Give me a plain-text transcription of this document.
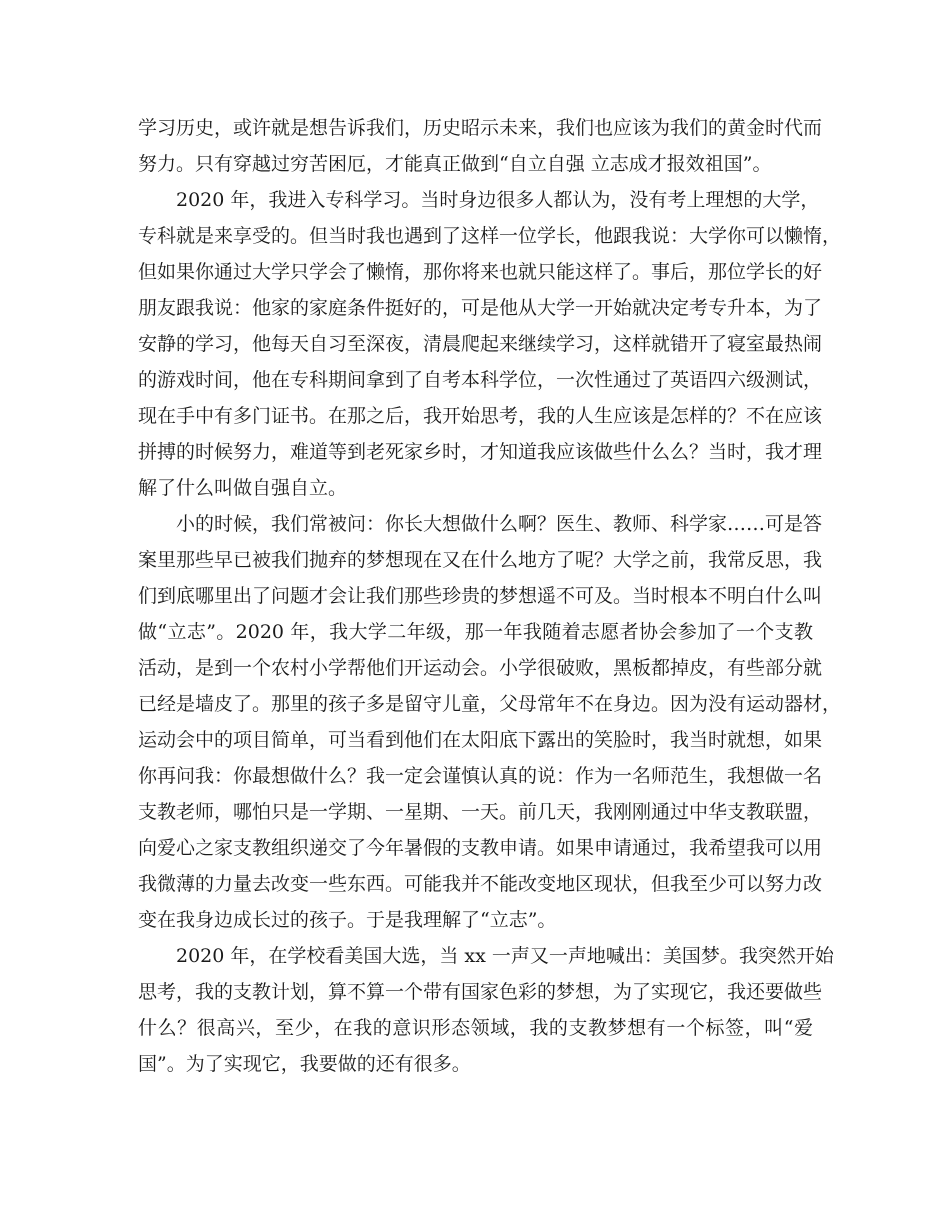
学习历史，或许就是想告诉我们，历史昭示未来，我们也应该为我们的黄金时代而
努力。只有穿越过穷苦困厄，才能真正做到“自立自强 立志成才报效祖国”。
2020 年，我进入专科学习。当时身边很多人都认为，没有考上理想的大学，
专科就是来享受的。但当时我也遇到了这样一位学长，他跟我说：大学你可以懒惰，
但如果你通过大学只学会了懒惰，那你将来也就只能这样了。事后，那位学长的好
朋友跟我说：他家的家庭条件挺好的，可是他从大学一开始就决定考专升本，为了
安静的学习，他每天自习至深夜，清晨爬起来继续学习，这样就错开了寝室最热闹
的游戏时间，他在专科期间拿到了自考本科学位，一次性通过了英语四六级测试，
现在手中有多门证书。在那之后，我开始思考，我的人生应该是怎样的？不在应该
拼搏的时候努力，难道等到老死家乡时，才知道我应该做些什么么？当时，我才理
解了什么叫做自强自立。
小的时候，我们常被问：你长大想做什么啊？医生、教师、科学家……可是答
案里那些早已被我们抛弃的梦想现在又在什么地方了呢？大学之前，我常反思，我
们到底哪里出了问题才会让我们那些珍贵的梦想遥不可及。当时根本不明白什么叫
做“立志”。2020 年，我大学二年级，那一年我随着志愿者协会参加了一个支教
活动，是到一个农村小学帮他们开运动会。小学很破败，黑板都掉皮，有些部分就
已经是墙皮了。那里的孩子多是留守儿童，父母常年不在身边。因为没有运动器材，
运动会中的项目简单，可当看到他们在太阳底下露出的笑脸时，我当时就想，如果
你再问我：你最想做什么？我一定会谨慎认真的说：作为一名师范生，我想做一名
支教老师，哪怕只是一学期、一星期、一天。前几天，我刚刚通过中华支教联盟，
向爱心之家支教组织递交了今年暑假的支教申请。如果申请通过，我希望我可以用
我微薄的力量去改变一些东西。可能我并不能改变地区现状，但我至少可以努力改
变在我身边成长过的孩子。于是我理解了“立志”。
2020 年，在学校看美国大选，当 xx 一声又一声地喊出：美国梦。我突然开始
思考，我的支教计划，算不算一个带有国家色彩的梦想，为了实现它，我还要做些
什么？很高兴，至少，在我的意识形态领域，我的支教梦想有一个标签，叫“爱
国”。为了实现它，我要做的还有很多。
